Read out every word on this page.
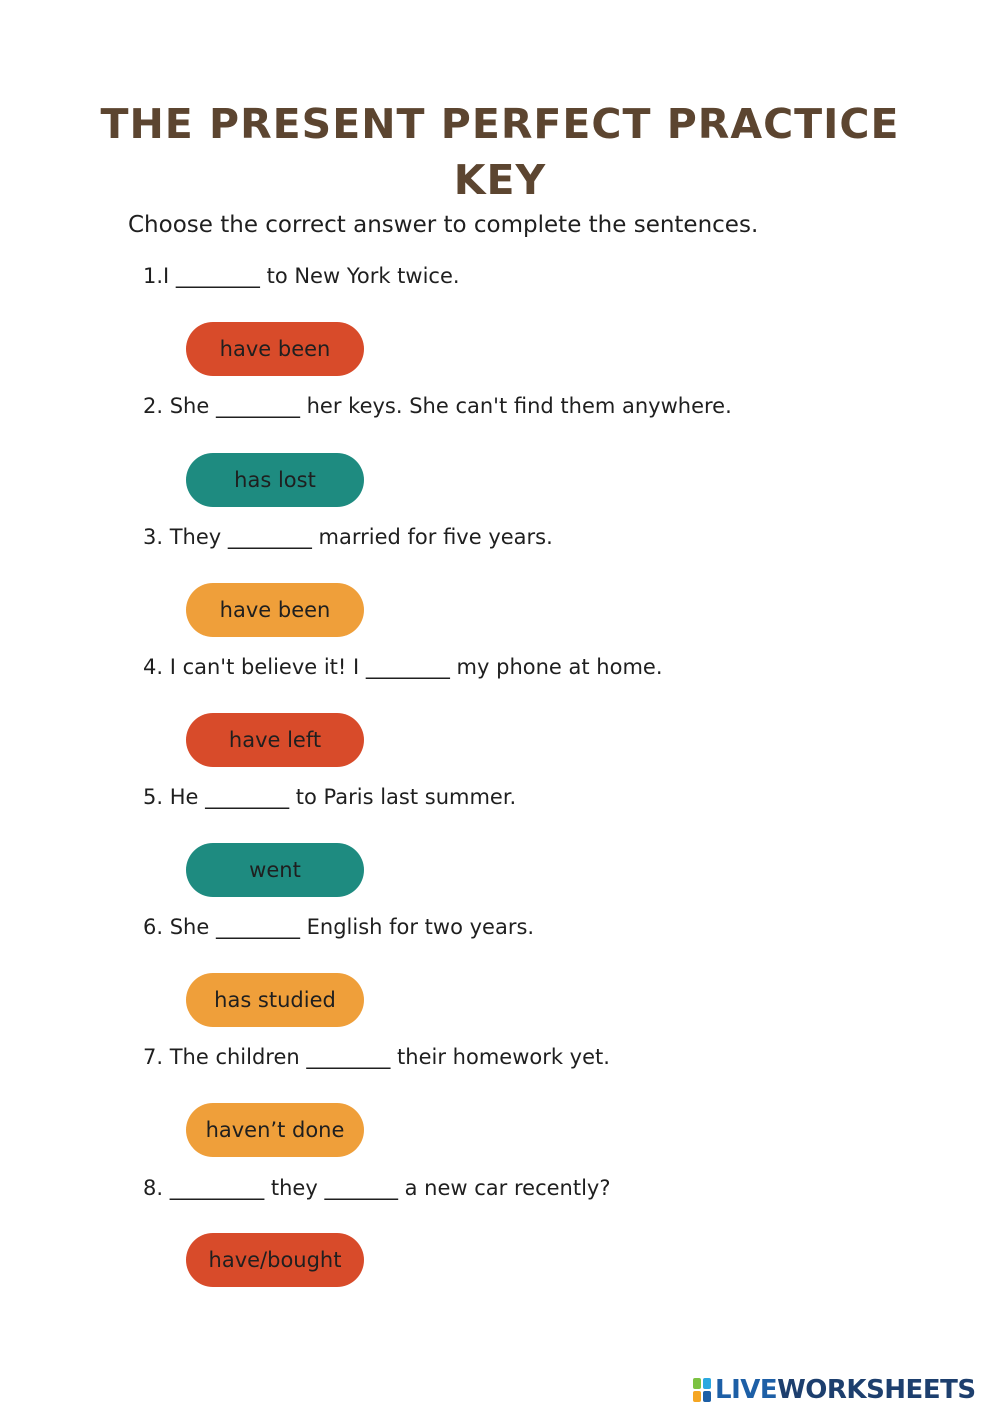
THE PRESENT PERFECT PRACTICE
KEY

Choose the correct answer to complete the sentences.

1.I ________ to New York twice.

have been

2. She ________ her keys. She can't find them anywhere.

has lost

3. They ________ married for five years.

have been

4. I can't believe it! I ________ my phone at home.

have left

5. He ________ to Paris last summer.

went

6. She ________ English for two years.

has studied

7. The children ________ their homework yet.

haven’t done

8. _________ they _______ a new car recently?

have/bought
LIVEWORKSHEETS
